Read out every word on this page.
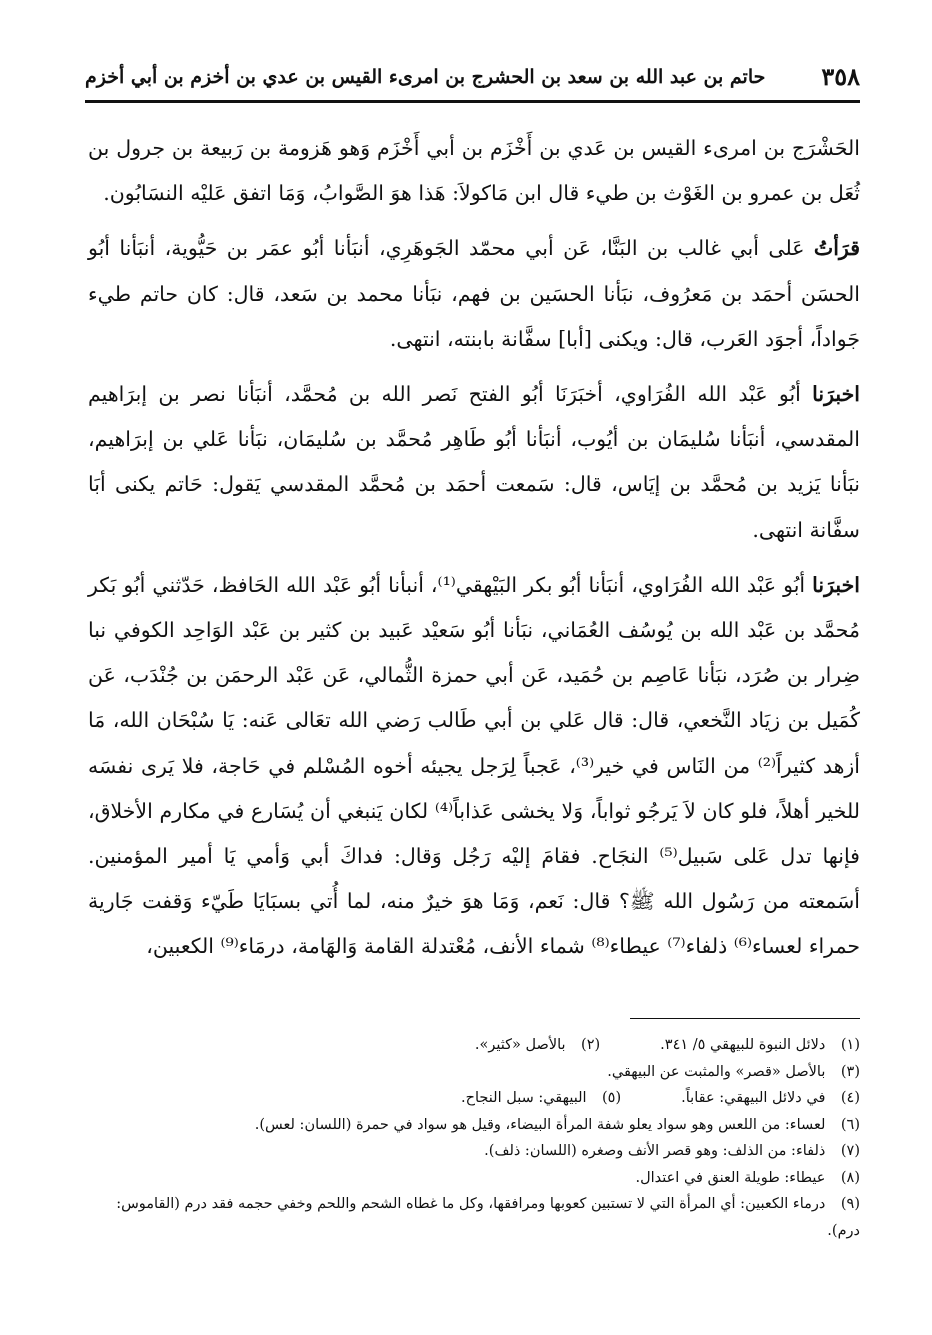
٣٥٨
حاتم بن عبد الله بن سعد بن الحشرج بن امرىء القيس بن عدي بن أخزم بن أبي أخزم

الحَشْرَج بن امرىء القيس بن عَدي بن أَخْزَم بن أبي أَخْزَم وَهو هَزومة بن رَبيعة بن جرول بن ثُعَل بن عمرو بن الغَوْث بن طيء قال ابن مَاكولاَ: هَذا هوَ الصَّوابُ، وَمَا اتفق عَليْه النسَابُون.

قرَأتُ عَلى أبي غالب بن البَنَّا، عَن أبي محمّد الجَوهَرِي، أنبَأنا أبُو عمَر بن حَيُّوية، أنبَأنا أبُو الحسَن أحمَد بن مَعرُوف، نبَأنا الحسَين بن فهم، نبَأنا محمد بن سَعد، قال: كان حاتم طيء جَواداً، أجوَد العَرب، قال: ويكنى [أبا] سفَّانة بابنته، انتهى.

اخبرَنا أبُو عَبْد الله الفُرَاوي، أخبَرَنَا أبُو الفتح نَصر الله بن مُحمَّد، أنبَأنا نصر بن إبرَاهيم المقدسي، أنبَأنا سُليمَان بن أيُوب، أنبَأنا أبُو طَاهِر مُحمَّد بن سُليمَان، نبَأنا عَلي بن إبرَاهيم، نبَأنا يَزيد بن مُحمَّد بن إيَاس، قال: سَمعت أحمَد بن مُحمَّد المقدسي يَقول: حَاتم يكنى أبَا سفَّانة انتهى.

اخبرَنا أبُو عَبْد الله الفُرَاوي، أنبَأنا أبُو بكر البَيْهقي⁽¹⁾، أنبأنا أبُو عَبْد الله الحَافظ، حَدّثني أبُو بَكر مُحمَّد بن عَبْد الله بن يُوسُف العُمَاني، نبَأنا أبُو سَعيْد عَبيد بن كثير بن عَبْد الوَاحِد الكوفي نبا ضِرار بن صُرَد، نبَأنا عَاصِم بن حُمَيد، عَن أبي حمزة الثُّمالي، عَن عَبْد الرحمَن بن جُنْدَب، عَن كُمَيل بن زيَاد النَّخعي، قال: قال عَلي بن أبي طَالب رَضي الله تعَالى عَنه: يَا سُبْحَان الله، مَا أزهد كثيراً⁽²⁾ من النَاس في خير⁽³⁾، عَجباً لِرَجل يجيئه أخوه المُسْلم في حَاجة، فلا يَرى نفسَه للخير أهلاً، فلو كان لاَ يَرجُو ثواباً، وَلا يخشى عَذاباً⁽⁴⁾ لكان يَنبغي أن يُسَارع في مكارم الأخلاق، فإنها تدل عَلى سَبيل⁽⁵⁾ النجَاح. فقامَ إليْه رَجُل وَقال: فداكَ أبي وَأمي يَا أمير المؤمنين. أسَمعته من رَسُول الله ﷺ؟ قال: نَعم، وَمَا هوَ خيرٌ منه، لما أُتي بسبَايَا طَيّء وَقفت جَارية حمراء لعساء⁽⁶⁾ ذلفاء⁽⁷⁾ عيطاء⁽⁸⁾ شماء الأنف، مُعْتدلة القامة وَالهَامة، درمَاء⁽⁹⁾ الكعبين،

(١) دلائل النبوة للبيهقي ٥/ ٣٤١.
(٢) بالأصل «كثير».
(٣) بالأصل «قصر» والمثبت عن البيهقي.
(٤) في دلائل البيهقي: عقاباً.
(٥) البيهقي: سبل النجاح.
(٦) لعساء: من اللعس وهو سواد يعلو شفة المرأة البيضاء، وقيل هو سواد في حمرة (اللسان: لعس).
(٧) ذلفاء: من الذلف: وهو قصر الأنف وصغره (اللسان: ذلف).
(٨) عيطاء: طويلة العنق في اعتدال.
(٩) درماء الكعبين: أي المرأة التي لا تستبين كعوبها ومرافقها، وكل ما غطاه الشحم واللحم وخفي حجمه فقد درم (القاموس: درم).
